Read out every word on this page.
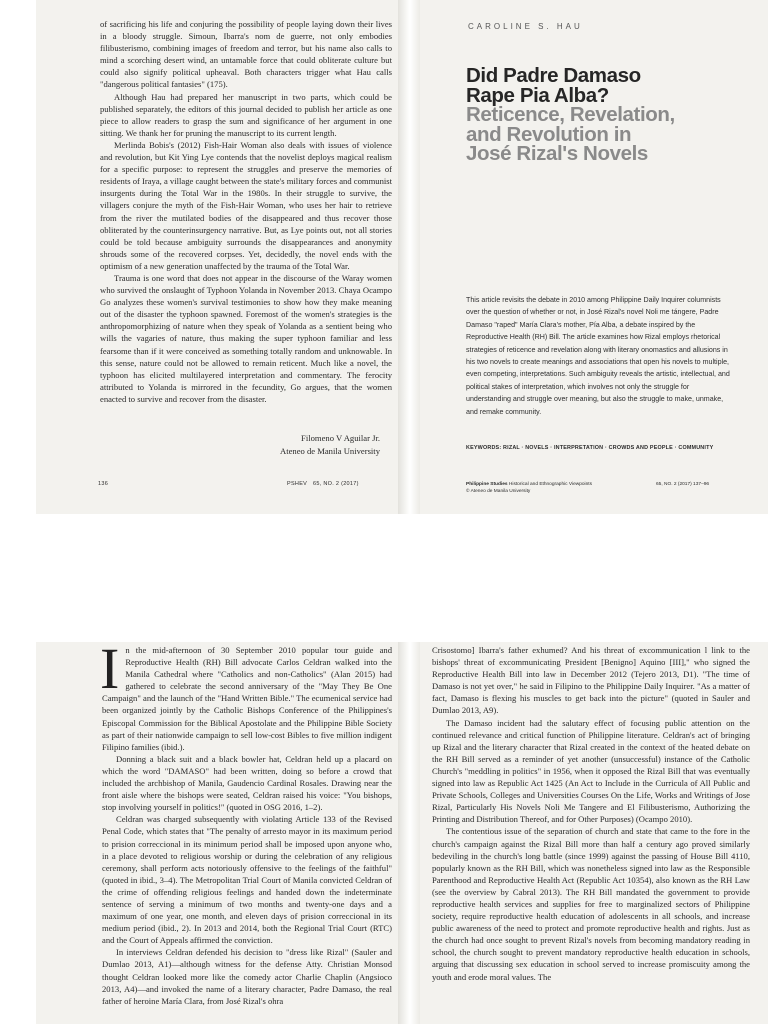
of sacrificing his life and conjuring the possibility of people laying down their lives in a bloody struggle. Simoun, Ibarra's nom de guerre, not only embodies filibusterismo, combining images of freedom and terror, but his name also calls to mind a scorching desert wind, an untamable force that could obliterate culture but could also signify political upheaval. Both characters trigger what Hau calls "dangerous political fantasies" (175).

Although Hau had prepared her manuscript in two parts, which could be published separately, the editors of this journal decided to publish her article as one piece to allow readers to grasp the sum and significance of her argument in one sitting. We thank her for pruning the manuscript to its current length.

Merlinda Bobis's (2012) Fish-Hair Woman also deals with issues of violence and revolution, but Kit Ying Lye contends that the novelist deploys magical realism for a specific purpose: to represent the struggles and preserve the memories of residents of Iraya, a village caught between the state's military forces and communist insurgents during the Total War in the 1980s. In their struggle to survive, the villagers conjure the myth of the Fish-Hair Woman, who uses her hair to retrieve from the river the mutilated bodies of the disappeared and thus recover those obliterated by the counterinsurgency narrative. But, as Lye points out, not all stories could be told because ambiguity surrounds the disappearances and anonymity shrouds some of the recovered corpses. Yet, decidedly, the novel ends with the optimism of a new generation unaffected by the trauma of the Total War.

Trauma is one word that does not appear in the discourse of the Waray women who survived the onslaught of Typhoon Yolanda in November 2013. Chaya Ocampo Go analyzes these women's survival testimonies to show how they make meaning out of the disaster the typhoon spawned. Foremost of the women's strategies is the anthropomorphizing of nature when they speak of Yolanda as a sentient being who wills the vagaries of nature, thus making the super typhoon familiar and less fearsome than if it were conceived as something totally random and unknowable. In this sense, nature could not be allowed to remain reticent. Much like a novel, the typhoon has elicited multilayered interpretation and commentary. The ferocity attributed to Yolanda is mirrored in the fecundity, Go argues, that the women enacted to survive and recover from the disaster.

Filomeno V Aguilar Jr.
Ateneo de Manila University
136	PSHEV 65, NO. 2 (2017)
CAROLINE S. HAU
Did Padre Damaso
Rape Pia Alba?
Reticence, Revelation,
and Revolution in
José Rizal's Novels
This article revisits the debate in 2010 among Philippine Daily Inquirer columnists over the question of whether or not, in José Rizal's novel Noli me tángere, Padre Damaso "raped" María Clara's mother, Pía Alba, a debate inspired by the Reproductive Health (RH) Bill. The article examines how Rizal employs rhetorical strategies of reticence and revelation along with literary onomastics and allusions in his two novels to create meanings and associations that open his novels to multiple, even competing, interpretations. Such ambiguity reveals the artistic, intellectual, and political stakes of interpretation, which involves not only the struggle for understanding and struggle over meaning, but also the struggle to make, unmake, and remake community.
KEYWORDS: RIZAL · NOVELS · INTERPRETATION · CROWDS AND PEOPLE · COMMUNITY
Philippine Studies Historical and Ethnographic Viewpoints
© Ateneo de Manila University
65, NO. 2 (2017) 137–96

In the mid-afternoon of 30 September 2010 popular tour guide and Reproductive Health (RH) Bill advocate Carlos Celdran walked into the Manila Cathedral where "Catholics and non-Catholics" (Alan 2015) had gathered to celebrate the second anniversary of the "May They Be One Campaign" and the launch of the "Hand Written Bible." The ecumenical service had been organized jointly by the Catholic Bishops Conference of the Philippines's Episcopal Commission for the Biblical Apostolate and the Philippine Bible Society as part of their nationwide campaign to sell low-cost Bibles to five million indigent Filipino families (ibid.).

Donning a black suit and a black bowler hat, Celdran held up a placard on which the word "DAMASO" had been written, doing so before a crowd that included the archbishop of Manila, Gaudencio Cardinal Rosales. Drawing near the front aisle where the bishops were seated, Celdran raised his voice: "You bishops, stop involving yourself in politics!" (quoted in OSG 2016, 1–2).

Celdran was charged subsequently with violating Article 133 of the Revised Penal Code, which states that "The penalty of arresto mayor in its maximum period to prision correccional in its minimum period shall be imposed upon anyone who, in a place devoted to religious worship or during the celebration of any religious ceremony, shall perform acts notoriously offensive to the feelings of the faithful" (quoted in ibid., 3–4). The Metropolitan Trial Court of Manila convicted Celdran of the crime of offending religious feelings and handed down the indeterminate sentence of serving a minimum of two months and twenty-one days and a maximum of one year, one month, and eleven days of prision correccional in its medium period (ibid., 2). In 2013 and 2014, both the Regional Trial Court (RTC) and the Court of Appeals affirmed the conviction.

In interviews Celdran defended his decision to "dress like Rizal" (Sauler and Dumlao 2013, A1)—although witness for the defense Atty. Christian Monsod thought Celdran looked more like the comedy actor Charlie Chaplin (Angsioco 2013, A4)—and invoked the name of a literary character, Padre Damaso, the real father of heroine María Clara, from José Rizal's ohra

Crisostomo] Ibarra's father exhumed? And his threat of excommunication l link to the bishops' threat of excommunicating President [Benigno] Aquino [III]," who signed the Reproductive Health Bill into law in December 2012 (Tejero 2013, D1). "The time of Damaso is not yet over," he said in Filipino to the Philippine Daily Inquirer. "As a matter of fact, Damaso is flexing his muscles to get back into the picture" (quoted in Sauler and Dumlao 2013, A9).

The Damaso incident had the salutary effect of focusing public attention on the continued relevance and critical function of Philippine literature. Celdran's act of bringing up Rizal and the literary character that Rizal created in the context of the heated debate on the RH Bill served as a reminder of yet another (unsuccessful) instance of the Catholic Church's "meddling in politics" in 1956, when it opposed the Rizal Bill that was eventually signed into law as Republic Act 1425 (An Act to Include in the Curricula of All Public and Private Schools, Colleges and Universities Courses On the Life, Works and Writings of Jose Rizal, Particularly His Novels Noli Me Tangere and El Filibusterismo, Authorizing the Printing and Distribution Thereof, and for Other Purposes) (Ocampo 2010).

The contentious issue of the separation of church and state that came to the fore in the church's campaign against the Rizal Bill more than half a century ago proved similarly bedeviling in the church's long battle (since 1999) against the passing of House Bill 4110, popularly known as the RH Bill, which was nonetheless signed into law as the Responsible Parenthood and Reproductive Health Act (Republic Act 10354), also known as the RH Law (see the overview by Cabral 2013). The RH Bill mandated the government to provide reproductive health services and supplies for free to marginalized sectors of Philippine society, require reproductive health education of adolescents in all schools, and increase public awareness of the need to protect and promote reproductive health and rights. Just as the church had once sought to prevent Rizal's novels from becoming mandatory reading in school, the church sought to prevent mandatory reproductive health education in schools, arguing that discussing sex education in school served to increase promiscuity among the youth and erode moral values. The
